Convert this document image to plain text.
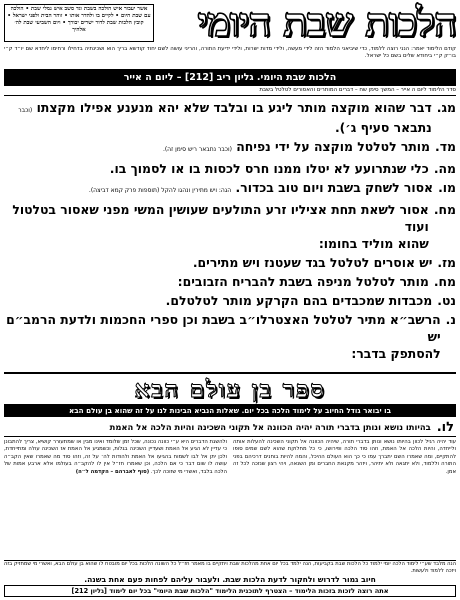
הלכות שבת היומי
אשר יעבור איש הולכה בשבת וגד סשב איש נמלי שבת • הולכה עם שבת היום • לקיים בו ולהדר אותו • זוהר הבית ולפני ישראל • קובץ הלכות שבת לדור ישרים יבורך • ויום השביעי שבת לה׳ אלהיך
קודם הלימוד יאמר: הנני רוצה ללמוד, כדי שיביאני הלמוד הזה לידי מעשה, ולידי מדות ישרות, ולידי ידיעת התורה, והריני עושה לשם יחוד קודשא בריך הוא ושכינתיה בדחילו ורחימו ליחדא שם יו״ד ק״י בו״ק ק״י ביחודא שלים בשם כל ישראל.
הלכות שבת היומי. גליון ריב [212] – ליום ה אייר
סדר הלימוד ליום ה אייר – המשך סימן שח – דברים המותרים והאסורים לטלטל בשבת
מג.
דבר שהוא מוקצה מותר ליגע בו ובלבד שלא יהא מנענע אפילו מקצתו (וכבר
נתבאר סעיף ג׳).
מד.
מותר לטלטל מוקצה על ידי נפיחה (וכבר נתבאר ריש סימן זה).
מה.
כלי שנתרועע לא יטלו ממנו חרס לכסות בו או לסמוך בו.
מו.
אסור לשחק בשבת ויום טוב בכדור. הגה: ויש מתירין ונהגו להקל (תוספות פרק קמא דביצה).
מח.
אסור לשאת תחת אציליו זרע התולעים שעושין המשי מפני שאסור בטלטול ועוד
שהוא מוליד בחומו:
מז.
יש אוסרים לטלטל בגד שעטנז ויש מתירים.
מח.
מותר לטלטל מניפה בשבת להבריח הזבובים:
נט.
מכבדות שמכבדים בהם הקרקע מותר לטלטלם.
נ.
הרשב״א מתיר לטלטל האצטרלו״ב בשבת וכן ספרי החכמות ולדעת הרמב״ם יש
להסתפק בדבר:
ספר בן עולם הבא
בו יבואר גודל החיוב על לימוד הלכה בכל יום. שאלות הנביא הבינות לנו על זה שהוא בן עולם הבא
לו.
בהיותו נושא ונותן בדברי תורה יהיה הכוונה אל תקוני השכינה והיות הלכה אל האמת
עוד יהיה רגיל לכוון בהיותו נושא ונותן בדברי תורה, שיהיה הכוונה אל תקוני השכינה להעלות אותה ולייחדה, והיות הלכה אל האמת, וזהו סוד הלכה ופירושו, כי כל מחלוקת שהוא לשם שמים סופו להתקיים, ומה שאמרו השם יתברך עמו כי כך הוא העולם ההיכל, והמה להיות בוחנים דרכיהם בפני התורה וללמוד, ולא יתגאה ולא יתיהר, ויזהר מקנאת החברים ומן השנאה, ויהי רצון שנזכה לכל זה אמן.
ולהשגת הדברים היא ע״י כוונה נכונה, שכל זמן שלומד ואינו מבין או שמתעורר קושיא, צריך להתבונן כי עדיין לא הגיע אל האמת ושעדיין השכינה בגלות, וכשמגיע אל האמת אז השכינה עולה ומתייחדת, ולכן יתן אל לבו לשמוח בהגיעו אל האמת ולהודות לה׳ על זה, וזהו סוד מה שאמרו שאין הקב״ה עושה לו שום דבר כי אם הלכה, וכן שאמרו חז״ל אין לו להקב״ה בעולמו אלא ארבע אמות של הלכה בלבד, ואשרי מי שזוכה לכך. (סוף לאברהם – הקדמה ל״ה)
הנה מלבד שע״י לימוד הלכה יומי ילמוד כל הלכות שבת בקביעות, הנה ילמד בכל יום אחת מהלכות שבת ויתקיים בו מאמר חז״ל כל השונה הלכות בכל יום מובטח לו שהוא בן עולם הבא, ואשרי מי שמחזיק בזה ויזכה ללמוד ולעשות.
חיוב גמור לדרוש ולחקור לדעת הלכות שבת. ולעבור עליהם לפחות פעם אחת בשנה.
אתה רוצה לזכות בזכות הלימוד – הצטרף לתוכנית הלימוד "הלכות שבת היומי" בכל יום לימוד [גליון 212]
